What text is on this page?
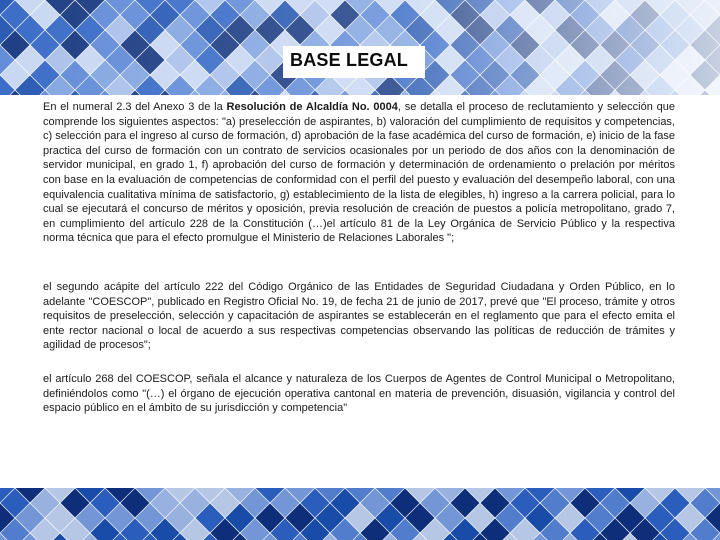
BASE LEGAL

En el numeral 2.3 del Anexo 3 de la Resolución de Alcaldía No. 0004, se detalla el proceso de reclutamiento y selección que comprende los siguientes aspectos: "a) preselección de aspirantes, b) valoración del cumplimiento de requisitos y competencias, c) selección para el ingreso al curso de formación, d) aprobación de la fase académica del curso de formación, e) inicio de la fase practica del curso de formación con un contrato de servicios ocasionales por un periodo de dos años con la denominación de servidor municipal, en grado 1, f) aprobación del curso de formación y determinación de ordenamiento o prelación por méritos con base en la evaluación de competencias de conformidad con el perfil del puesto y evaluación del desempeño laboral, con una equivalencia cualitativa mínima de satisfactorio, g) establecimiento de la lista de elegibles, h) ingreso a la carrera policial, para lo cual se ejecutará el concurso de méritos y oposición, previa resolución de creación de puestos a policía metropolitano, grado 7, en cumplimiento del artículo 228 de la Constitución (…)el artículo 81 de la Ley Orgánica de Servicio Público y la respectiva norma técnica que para el efecto promulgue el Ministerio de Relaciones Laborales ";

el segundo acápite del artículo 222 del Código Orgánico de las Entidades de Seguridad Ciudadana y Orden Público, en lo adelante "COESCOP", publicado en Registro Oficial No. 19, de fecha 21 de junio de 2017, prevé que "El proceso, trámite y otros requisitos de preselección, selección y capacitación de aspirantes se establecerán en el reglamento que para el efecto emita el ente rector nacional o local de acuerdo a sus respectivas competencias observando las políticas de reducción de trámites y agilidad de procesos";

el artículo 268 del COESCOP, señala el alcance y naturaleza de los Cuerpos de Agentes de Control Municipal o Metropolitano, definiéndolos como "(…) el órgano de ejecución operativa cantonal en materia de prevención, disuasión, vigilancia y control del espacio público en el ámbito de su jurisdicción y competencia"
